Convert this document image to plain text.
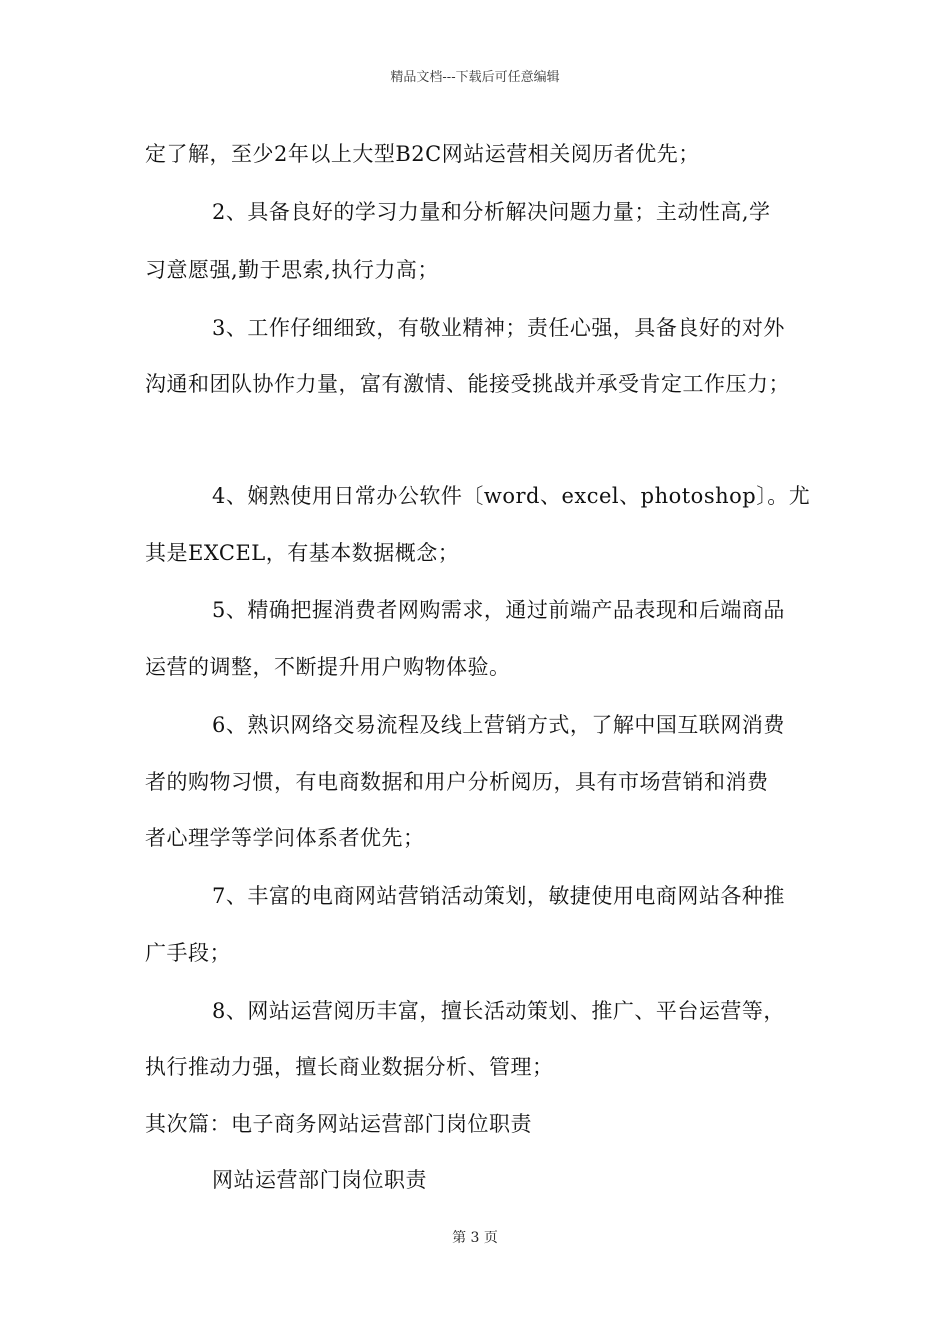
精品文档---下载后可任意编辑
定了解，至少2年以上大型B2C网站运营相关阅历者优先；
2、具备良好的学习力量和分析解决问题力量；主动性高,学
习意愿强,勤于思索,执行力高；
3、工作仔细细致，有敬业精神；责任心强，具备良好的对外
沟通和团队协作力量，富有激情、能接受挑战并承受肯定工作压力；
4、娴熟使用日常办公软件〔word、excel、photoshop〕。尤
其是EXCEL，有基本数据概念；
5、精确把握消费者网购需求，通过前端产品表现和后端商品
运营的调整，不断提升用户购物体验。
6、熟识网络交易流程及线上营销方式，了解中国互联网消费
者的购物习惯，有电商数据和用户分析阅历，具有市场营销和消费
者心理学等学问体系者优先；
7、丰富的电商网站营销活动策划，敏捷使用电商网站各种推
广手段；
8、网站运营阅历丰富，擅长活动策划、推广、平台运营等，
执行推动力强，擅长商业数据分析、管理；
其次篇：电子商务网站运营部门岗位职责
网站运营部门岗位职责
第 3 页
